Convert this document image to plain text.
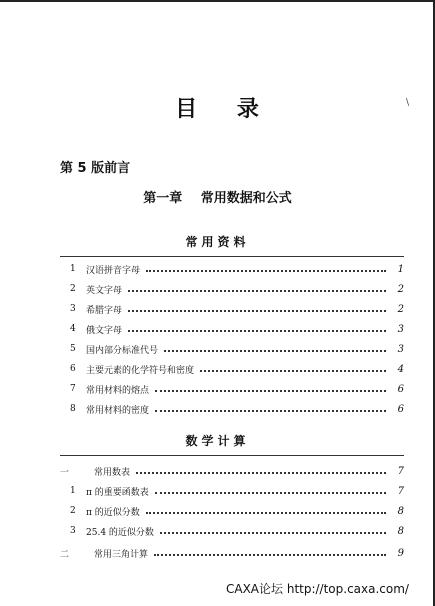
\
目 录
第 5 版前言
第一章 常用数据和公式
常用资料
1	汉语拼音字母	1
2	英文字母	2
3	希腊字母	2
4	俄文字母	3
5	国内部分标准代号	3
6	主要元素的化学符号和密度	4
7	常用材料的熔点	6
8	常用材料的密度	6
数学计算
一	常用数表	7
1	π 的重要函数表	7
2	π 的近似分数	8
3	25.4 的近似分数	8
二	常用三角计算	9
CAXA论坛 http://top.caxa.com/
